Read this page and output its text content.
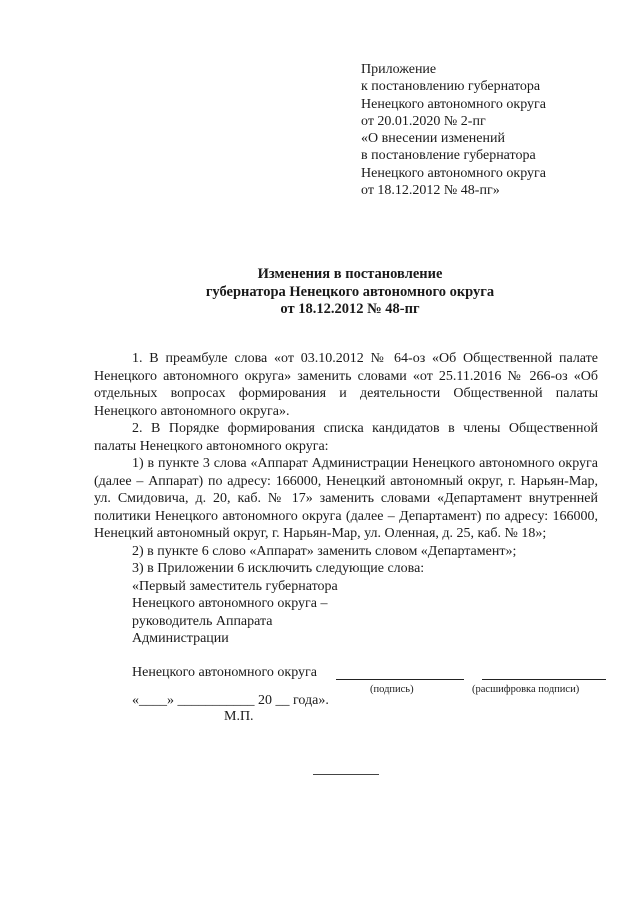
Приложение
к постановлению губернатора
Ненецкого автономного округа
от 20.01.2020 № 2-пг
«О внесении изменений
в постановление губернатора
Ненецкого автономного округа
от 18.12.2012 № 48-пг»
Изменения в постановление
губернатора Ненецкого автономного округа
от 18.12.2012 № 48-пг

1. В преамбуле слова «от 03.10.2012 № 64-оз «Об Общественной палате Ненецкого автономного округа» заменить словами «от 25.11.2016 № 266-оз «Об отдельных вопросах формирования и деятельности Общественной палаты Ненецкого автономного округа».

2. В Порядке формирования списка кандидатов в члены Общественной палаты Ненецкого автономного округа:

1) в пункте 3 слова «Аппарат Администрации Ненецкого автономного округа (далее – Аппарат) по адресу: 166000, Ненецкий автономный округ, г. Нарьян-Мар, ул. Смидовича, д. 20, каб. № 17» заменить словами «Департамент внутренней политики Ненецкого автономного округа (далее – Департамент) по адресу: 166000, Ненецкий автономный округ, г. Нарьян-Мар, ул. Оленная, д. 25, каб. № 18»;

2) в пункте 6 слово «Аппарат» заменить словом «Департамент»;

3) в Приложении 6 исключить следующие слова:

«Первый заместитель губернатора

Ненецкого автономного округа –

руководитель Аппарата

Администрации

Ненецкого автономного округа
(подпись)	(расшифровка подписи)
«____» ___________ 20 __ года».
М.П.
